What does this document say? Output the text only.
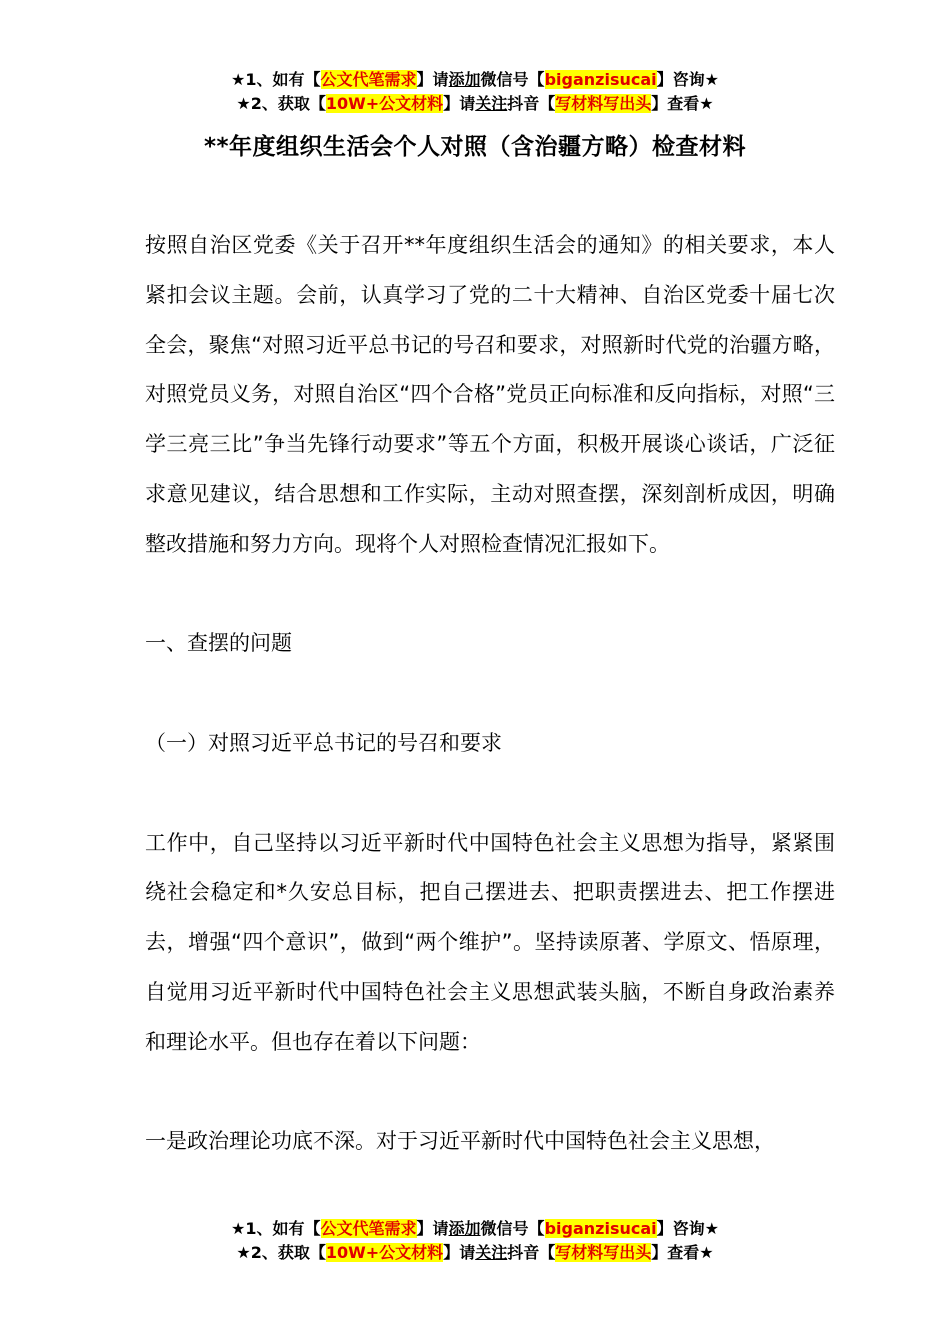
★1、如有【公文代笔需求】请添加微信号【biganzisucai】咨询★
★2、获取【10W+公文材料】请关注抖音【写材料写出头】查看★
**年度组织生活会个人对照（含治疆方略）检查材料

按照自治区党委《关于召开**年度组织生活会的通知》的相关要求，本人紧扣会议主题。会前，认真学习了党的二十大精神、自治区党委十届七次全会，聚焦“对照习近平总书记的号召和要求，对照新时代党的治疆方略，对照党员义务，对照自治区“四个合格”党员正向标准和反向指标，对照“三学三亮三比”争当先锋行动要求”等五个方面，积极开展谈心谈话，广泛征求意见建议，结合思想和工作实际，主动对照查摆，深刻剖析成因，明确整改措施和努力方向。现将个人对照检查情况汇报如下。

一、查摆的问题

（一）对照习近平总书记的号召和要求

工作中，自己坚持以习近平新时代中国特色社会主义思想为指导，紧紧围绕社会稳定和*久安总目标，把自己摆进去、把职责摆进去、把工作摆进去，增强“四个意识”，做到“两个维护”。坚持读原著、学原文、悟原理，自觉用习近平新时代中国特色社会主义思想武装头脑，不断自身政治素养和理论水平。但也存在着以下问题：

一是政治理论功底不深。对于习近平新时代中国特色社会主义思想，

★1、如有【公文代笔需求】请添加微信号【biganzisucai】咨询★
★2、获取【10W+公文材料】请关注抖音【写材料写出头】查看★
